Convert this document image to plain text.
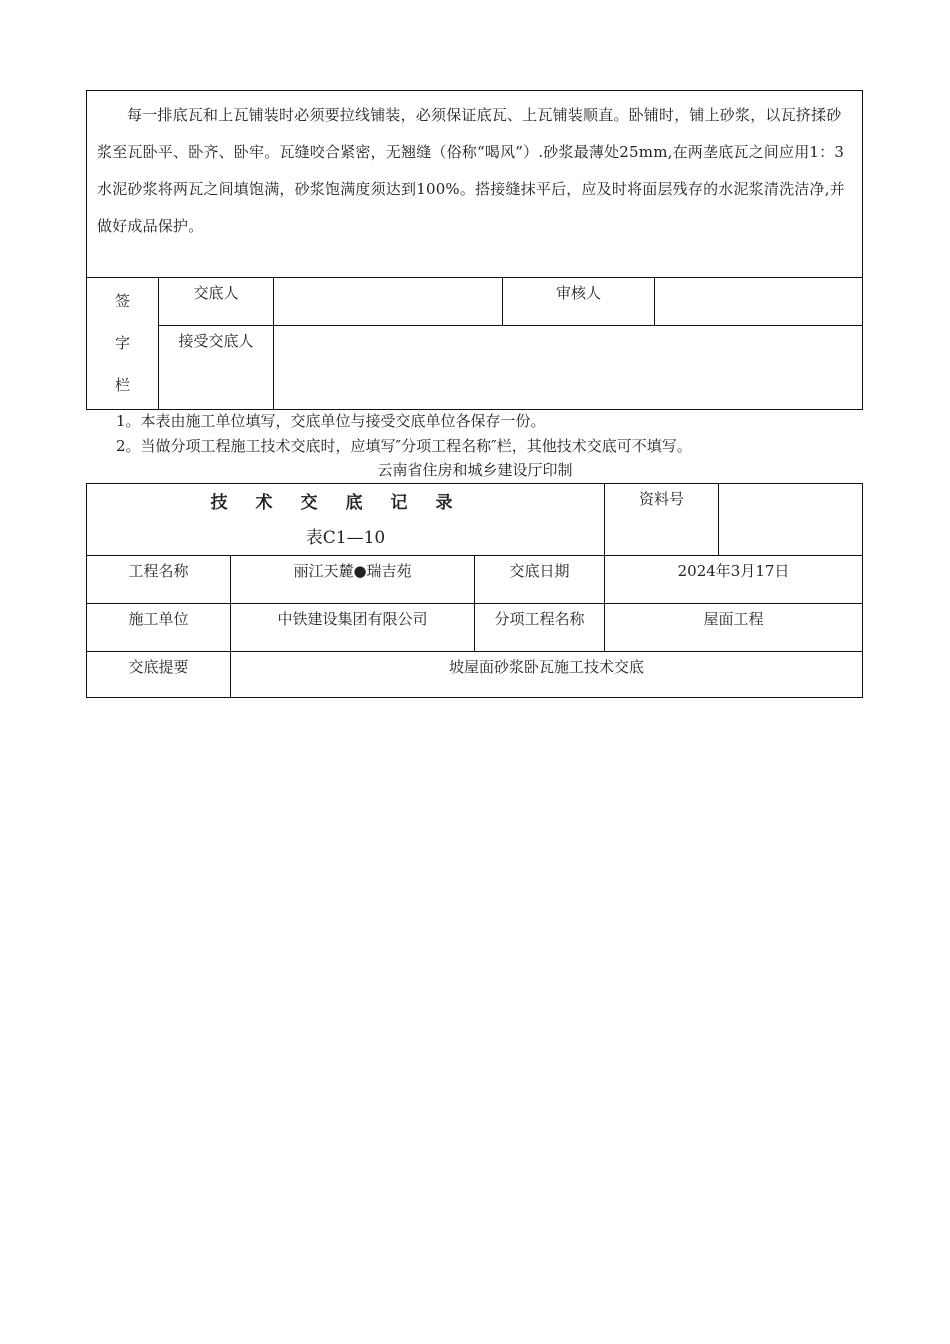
每一排底瓦和上瓦铺装时必须要拉线铺装，必须保证底瓦、上瓦铺装顺直。卧铺时，铺上砂浆，以瓦挤揉砂浆至瓦卧平、卧齐、卧牢。瓦缝咬合紧密，无翘缝（俗称“喝风”）.砂浆最薄处25mm,在两垄底瓦之间应用1：3水泥砂浆将两瓦之间填饱满，砂浆饱满度须达到100%。搭接缝抹平后，应及时将面层残存的水泥浆清洗洁净,并做好成品保护。				

签
字
栏	交底人		审核人	
	接受交底人			
1。本表由施工单位填写，交底单位与接受交底单位各保存一份。
2。当做分项工程施工技术交底时，应填写″分项工程名称″栏，其他技术交底可不填写。
云南省住房和城乡建设厅印制
技术交底记录
表C1—10			资料号	
工程名称	丽江天麓●瑞吉苑	交底日期	2024年3月17日	
施工单位	中铁建设集团有限公司	分项工程名称	屋面工程	
交底提要	坡屋面砂浆卧瓦施工技术交底			
